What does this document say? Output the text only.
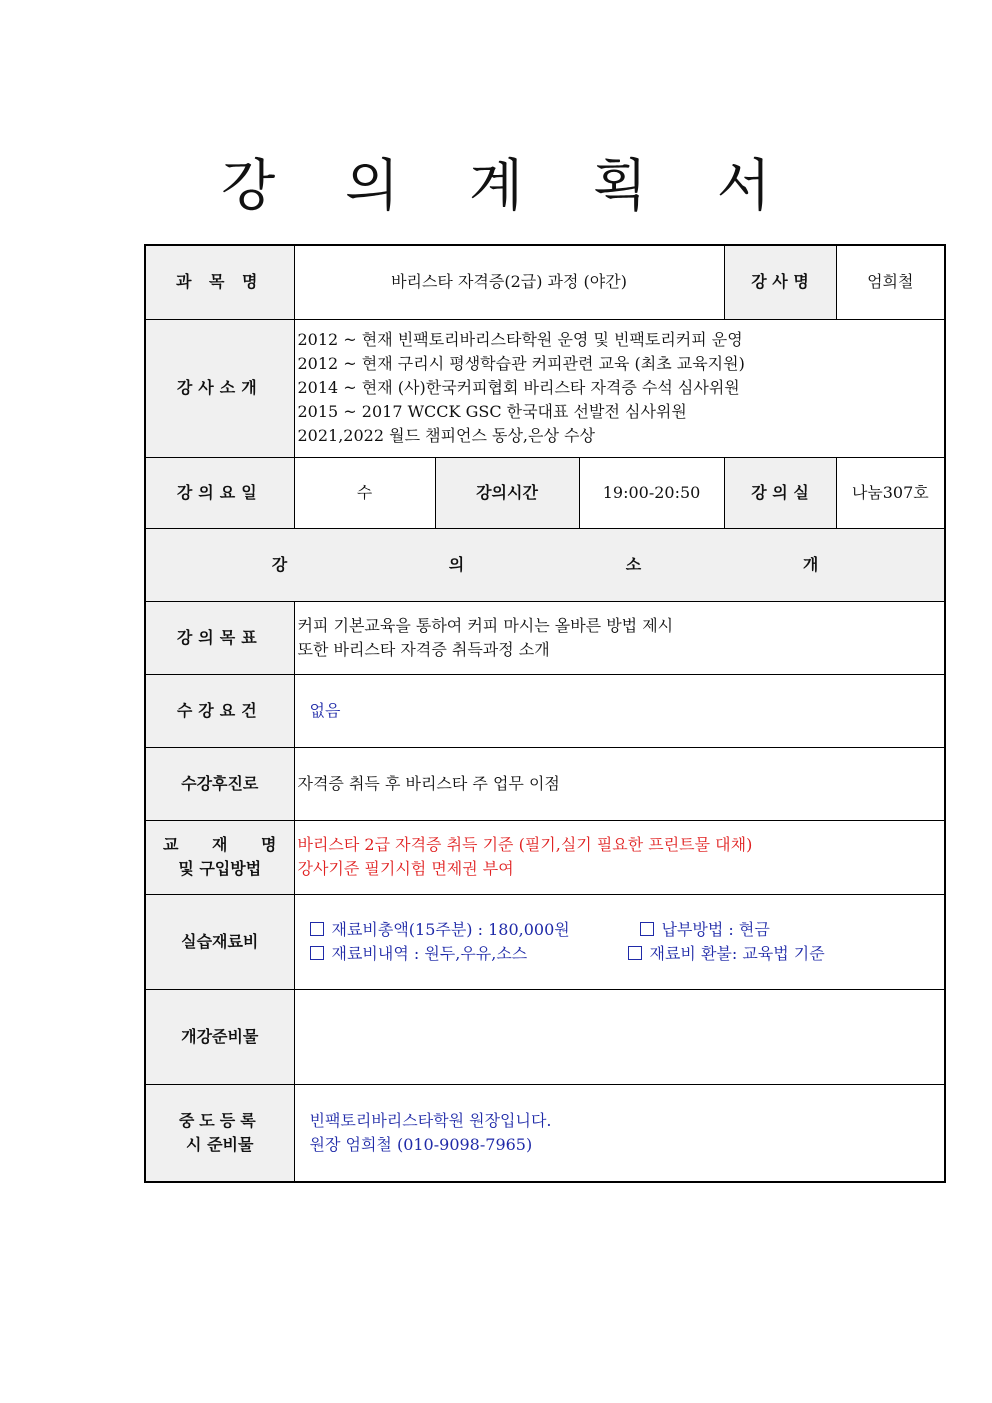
강 의 계 획 서
과 목 명	바리스타 자격증(2급) 과정 (야간)			강 사 명	엄희철
강사소개	2012 ~ 현재 빈팩토리바리스타학원 운영 및 빈팩토리커피 운영
2012 ~ 현재 구리시 평생학습관 커피관련 교육 (최초 교육지원)
2014 ~ 현재 (사)한국커피협회 바리스타 자격증 수석 심사위원
2015 ~ 2017 WCCK GSC 한국대표 선발전 심사위원
2021,2022 월드 챔피언스 동상,은상 수상				

강의요일	수	강의시간	19:00-20:50	강 의 실	나눔307호
강 의 소 개					
강의목표	커피 기본교육을 통하여 커피 마시는 올바른 방법 제시
또한 바리스타 자격증 취득과정 소개				

수강요건	없음				
수강후진로	자격증 취득 후 바리스타 주 업무 이점				

교 재 명
및 구입방법	바리스타 2급 자격증 취득 기준 (필기,실기 필요한 프린트물 대채)
강사기준 필기시험 면제권 부여				

실습재료비	재료비총액(15주분) : 180,000원 납부방법 : 현금
재료비내역 : 원두,우유,소스 재료비 환불: 교육법 기준				

개강준비물					

중도등록
시 준비물	빈팩토리바리스타학원 원장입니다.
원장 엄희철 (010-9098-7965)				
